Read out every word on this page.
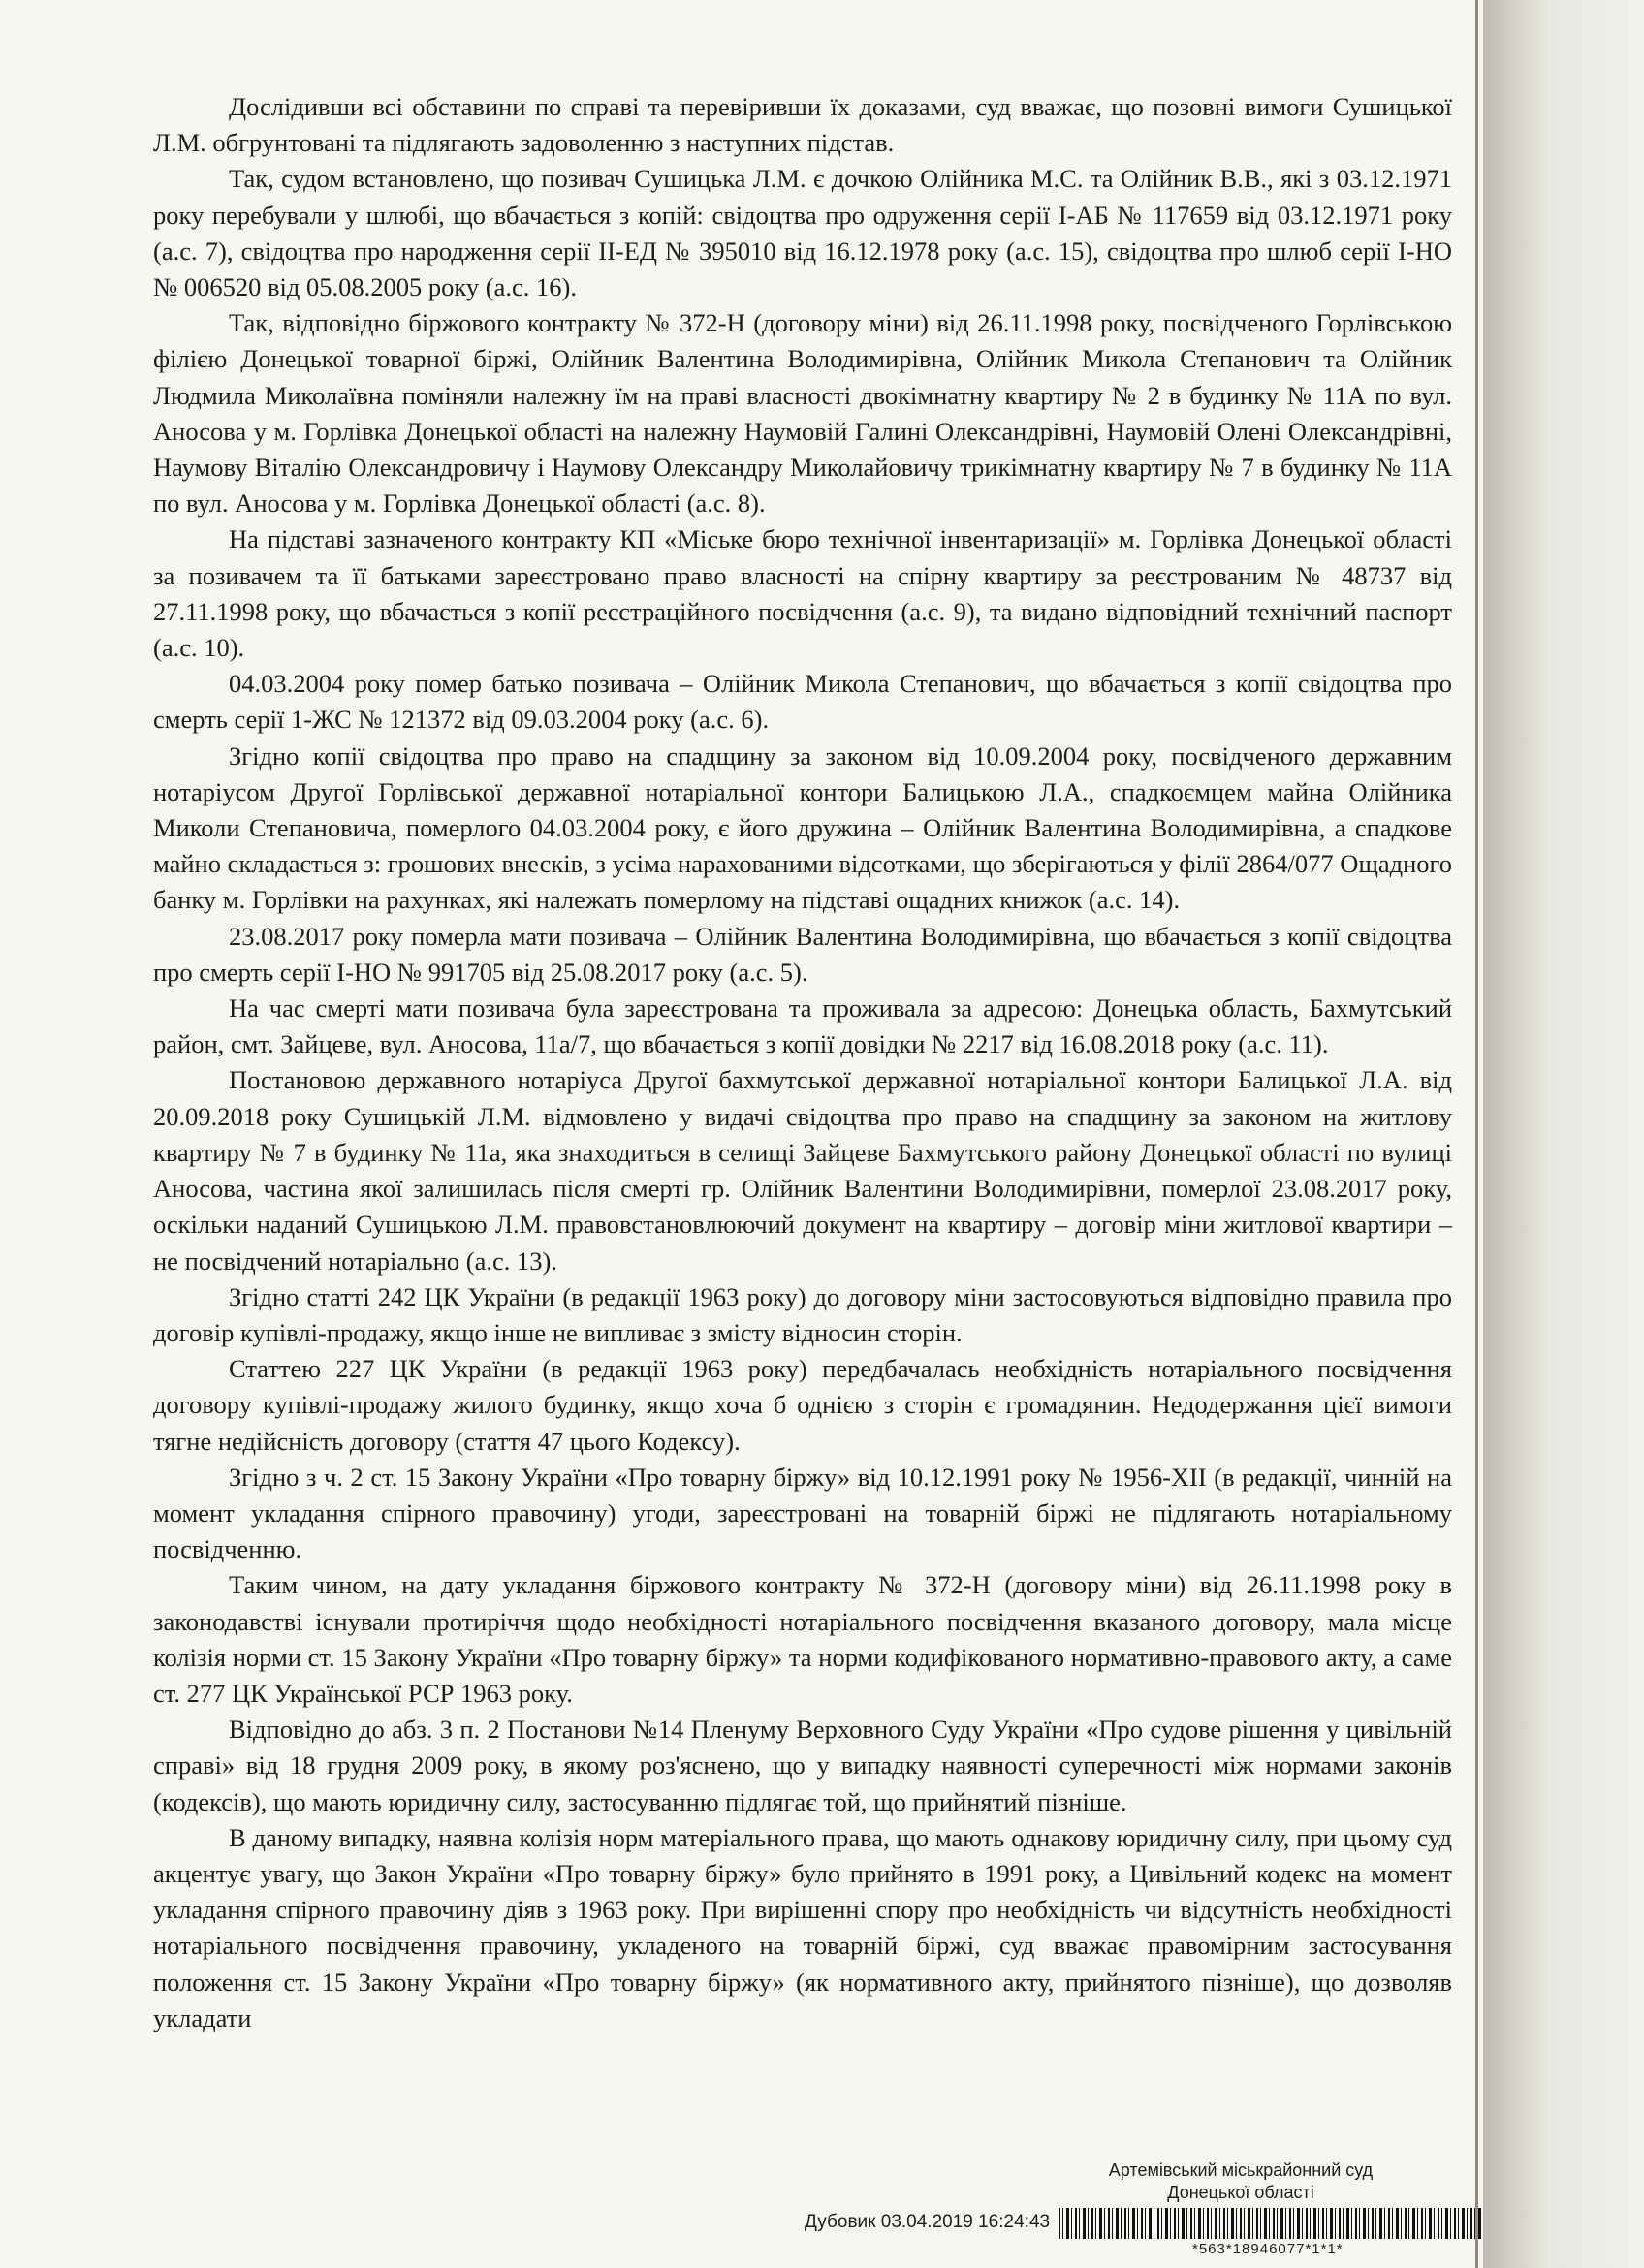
Дослідивши всі обставини по справі та перевіривши їх доказами, суд вважає, що позовні вимоги Сушицької Л.М. обгрунтовані та підлягають задоволенню з наступних підстав.

Так, судом встановлено, що позивач Сушицька Л.М. є дочкою Олійника М.С. та Олійник В.В., які з 03.12.1971 року перебували у шлюбі, що вбачається з копій: свідоцтва про одруження серії І-АБ № 117659 від 03.12.1971 року (а.с. 7), свідоцтва про народження серії ІІ-ЕД № 395010 від 16.12.1978 року (а.с. 15), свідоцтва про шлюб серії І-НО № 006520 від 05.08.2005 року (а.с. 16).

Так, відповідно біржового контракту № 372-Н (договору міни) від 26.11.1998 року, посвідченого Горлівською філією Донецької товарної біржі, Олійник Валентина Володимирівна, Олійник Микола Степанович та Олійник Людмила Миколаївна поміняли належну їм на праві власності двокімнатну квартиру № 2 в будинку № 11А по вул. Аносова у м. Горлівка Донецької області на належну Наумовій Галині Олександрівні, Наумовій Олені Олександрівні, Наумову Віталію Олександровичу і Наумову Олександру Миколайовичу трикімнатну квартиру № 7 в будинку № 11А по вул. Аносова у м. Горлівка Донецької області (а.с. 8).

На підставі зазначеного контракту КП «Міське бюро технічної інвентаризації» м. Горлівка Донецької області за позивачем та її батьками зареєстровано право власності на спірну квартиру за реєстрованим № 48737 від 27.11.1998 року, що вбачається з копії реєстраційного посвідчення (а.с. 9), та видано відповідний технічний паспорт (а.с. 10).

04.03.2004 року помер батько позивача – Олійник Микола Степанович, що вбачається з копії свідоцтва про смерть серії 1-ЖС № 121372 від 09.03.2004 року (а.с. 6).

Згідно копії свідоцтва про право на спадщину за законом від 10.09.2004 року, посвідченого державним нотаріусом Другої Горлівської державної нотаріальної контори Балицькою Л.А., спадкоємцем майна Олійника Миколи Степановича, померлого 04.03.2004 року, є його дружина – Олійник Валентина Володимирівна, а спадкове майно складається з: грошових внесків, з усіма нарахованими відсотками, що зберігаються у філії 2864/077 Ощадного банку м. Горлівки на рахунках, які належать померлому на підставі ощадних книжок (а.с. 14).

23.08.2017 року померла мати позивача – Олійник Валентина Володимирівна, що вбачається з копії свідоцтва про смерть серії І-НО № 991705 від 25.08.2017 року (а.с. 5).

На час смерті мати позивача була зареєстрована та проживала за адресою: Донецька область, Бахмутський район, смт. Зайцеве, вул. Аносова, 11а/7, що вбачається з копії довідки № 2217 від 16.08.2018 року (а.с. 11).

Постановою державного нотаріуса Другої бахмутської державної нотаріальної контори Балицької Л.А. від 20.09.2018 року Сушицькій Л.М. відмовлено у видачі свідоцтва про право на спадщину за законом на житлову квартиру № 7 в будинку № 11а, яка знаходиться в селищі Зайцеве Бахмутського району Донецької області по вулиці Аносова, частина якої залишилась після смерті гр. Олійник Валентини Володимирівни, померлої 23.08.2017 року, оскільки наданий Сушицькою Л.М. правовстановлюючий документ на квартиру – договір міни житлової квартири – не посвідчений нотаріально (а.с. 13).

Згідно статті 242 ЦК України (в редакції 1963 року) до договору міни застосовуються відповідно правила про договір купівлі-продажу, якщо інше не випливає з змісту відносин сторін.

Статтею 227 ЦК України (в редакції 1963 року) передбачалась необхідність нотаріального посвідчення договору купівлі-продажу жилого будинку, якщо хоча б однією з сторін є громадянин. Недодержання цієї вимоги тягне недійсність договору (стаття 47 цього Кодексу).

Згідно з ч. 2 ст. 15 Закону України «Про товарну біржу» від 10.12.1991 року № 1956-ХІІ (в редакції, чинній на момент укладання спірного правочину) угоди, зареєстровані на товарній біржі не підлягають нотаріальному посвідченню.

Таким чином, на дату укладання біржового контракту № 372-Н (договору міни) від 26.11.1998 року в законодавстві існували протиріччя щодо необхідності нотаріального посвідчення вказаного договору, мала місце колізія норми ст. 15 Закону України «Про товарну біржу» та норми кодифікованого нормативно-правового акту, а саме ст. 277 ЦК Української РСР 1963 року.

Відповідно до абз. 3 п. 2 Постанови №14 Пленуму Верховного Суду України «Про судове рішення у цивільній справі» від 18 грудня 2009 року, в якому роз'яснено, що у випадку наявності суперечності між нормами законів (кодексів), що мають юридичну силу, застосуванню підлягає той, що прийнятий пізніше.

В даному випадку, наявна колізія норм матеріального права, що мають однакову юридичну силу, при цьому суд акцентує увагу, що Закон України «Про товарну біржу» було прийнято в 1991 року, а Цивільний кодекс на момент укладання спірного правочину діяв з 1963 року. При вирішенні спору про необхідність чи відсутність необхідності нотаріального посвідчення правочину, укладеного на товарній біржі, суд вважає правомірним застосування положення ст. 15 Закону України «Про товарну біржу» (як нормативного акту, прийнятого пізніше), що дозволяв укладати

Артемівський міськрайонний суд
Донецької області
Дубовик 03.04.2019 16:24:43
*563*18946077*1*1*
